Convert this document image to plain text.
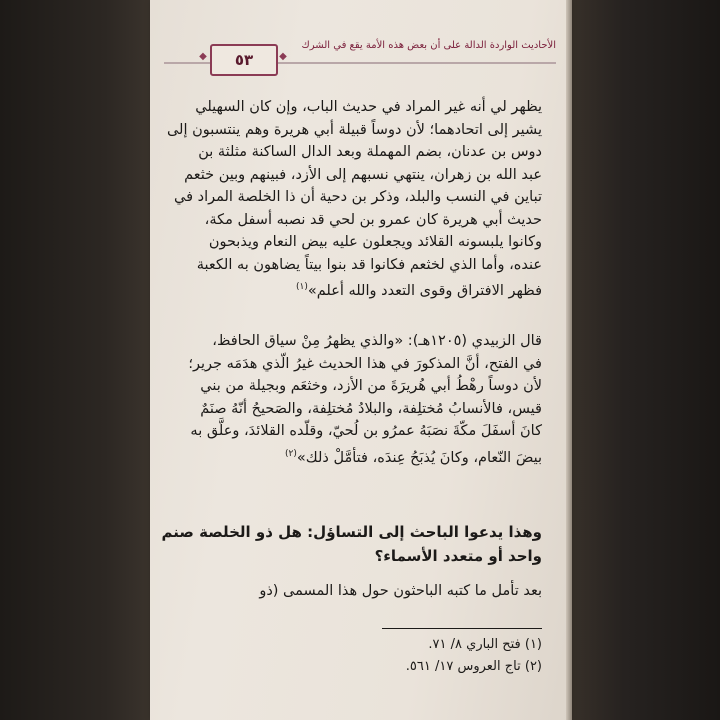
الأحاديث الواردة الدالة على أن بعض هذه الأمة يقع في الشرك
◆	٥٣	◆
يظهر لي أنه غير المراد في حديث الباب، وإن كان السهيلي
يشير إلى اتحادهما؛ لأن دوساً قبيلة أبي هريرة وهم ينتسبون إلى
دوس بن عدنان، بضم المهملة وبعد الدال الساكنة مثلثة بن
عبد الله بن زهران، ينتهي نسبهم إلى الأزد، فبينهم وبين خثعم
تباين في النسب والبلد، وذكر بن دحية أن ذا الخلصة المراد في
حديث أبي هريرة كان عمرو بن لحي قد نصبه أسفل مكة،
وكانوا يلبسونه القلائد ويجعلون عليه بيض النعام ويذبحون
عنده، وأما الذي لخثعم فكانوا قد بنوا بيتاً يضاهون به الكعبة
فظهر الافتراق وقوى التعدد والله أعلم»$^{(١)}$
قال الزبيدي (١٢٠٥هـ): «والذي يظهرُ مِنْ سياق الحافظ،
في الفتح، أنَّ المذكورَ في هذا الحديث غيرُ الّذي هدَمَه جرير؛
لأن دوساً رهْطُ أبي هُريرَةَ من الأزد، وخثعَم وبجيلة من بني
قيس، فالأنسابُ مُختلِفة، والبلادُ مُختلِفة، والصَحيحُ أنّهُ صنَمٌ
كانَ أسفَلَ مكّةَ نصَبَهُ عمرُو بن لُحيّ، وقلّده القلائدَ، وعلَّق به
بيضَ النّعام، وكانَ يُذبَحُ عِندَه، فتأمَّلْ ذلك»$^{(٢)}$
وهذا يدعوا الباحث إلى التساؤل: هل ذو الخلصة صنم
واحد أو متعدد الأسماء؟
بعد تأمل ما كتبه الباحثون حول هذا المسمى (ذو
(١) فتح الباري ٨/ ٧١.
(٢) تاج العروس ١٧/ ٥٦١.
